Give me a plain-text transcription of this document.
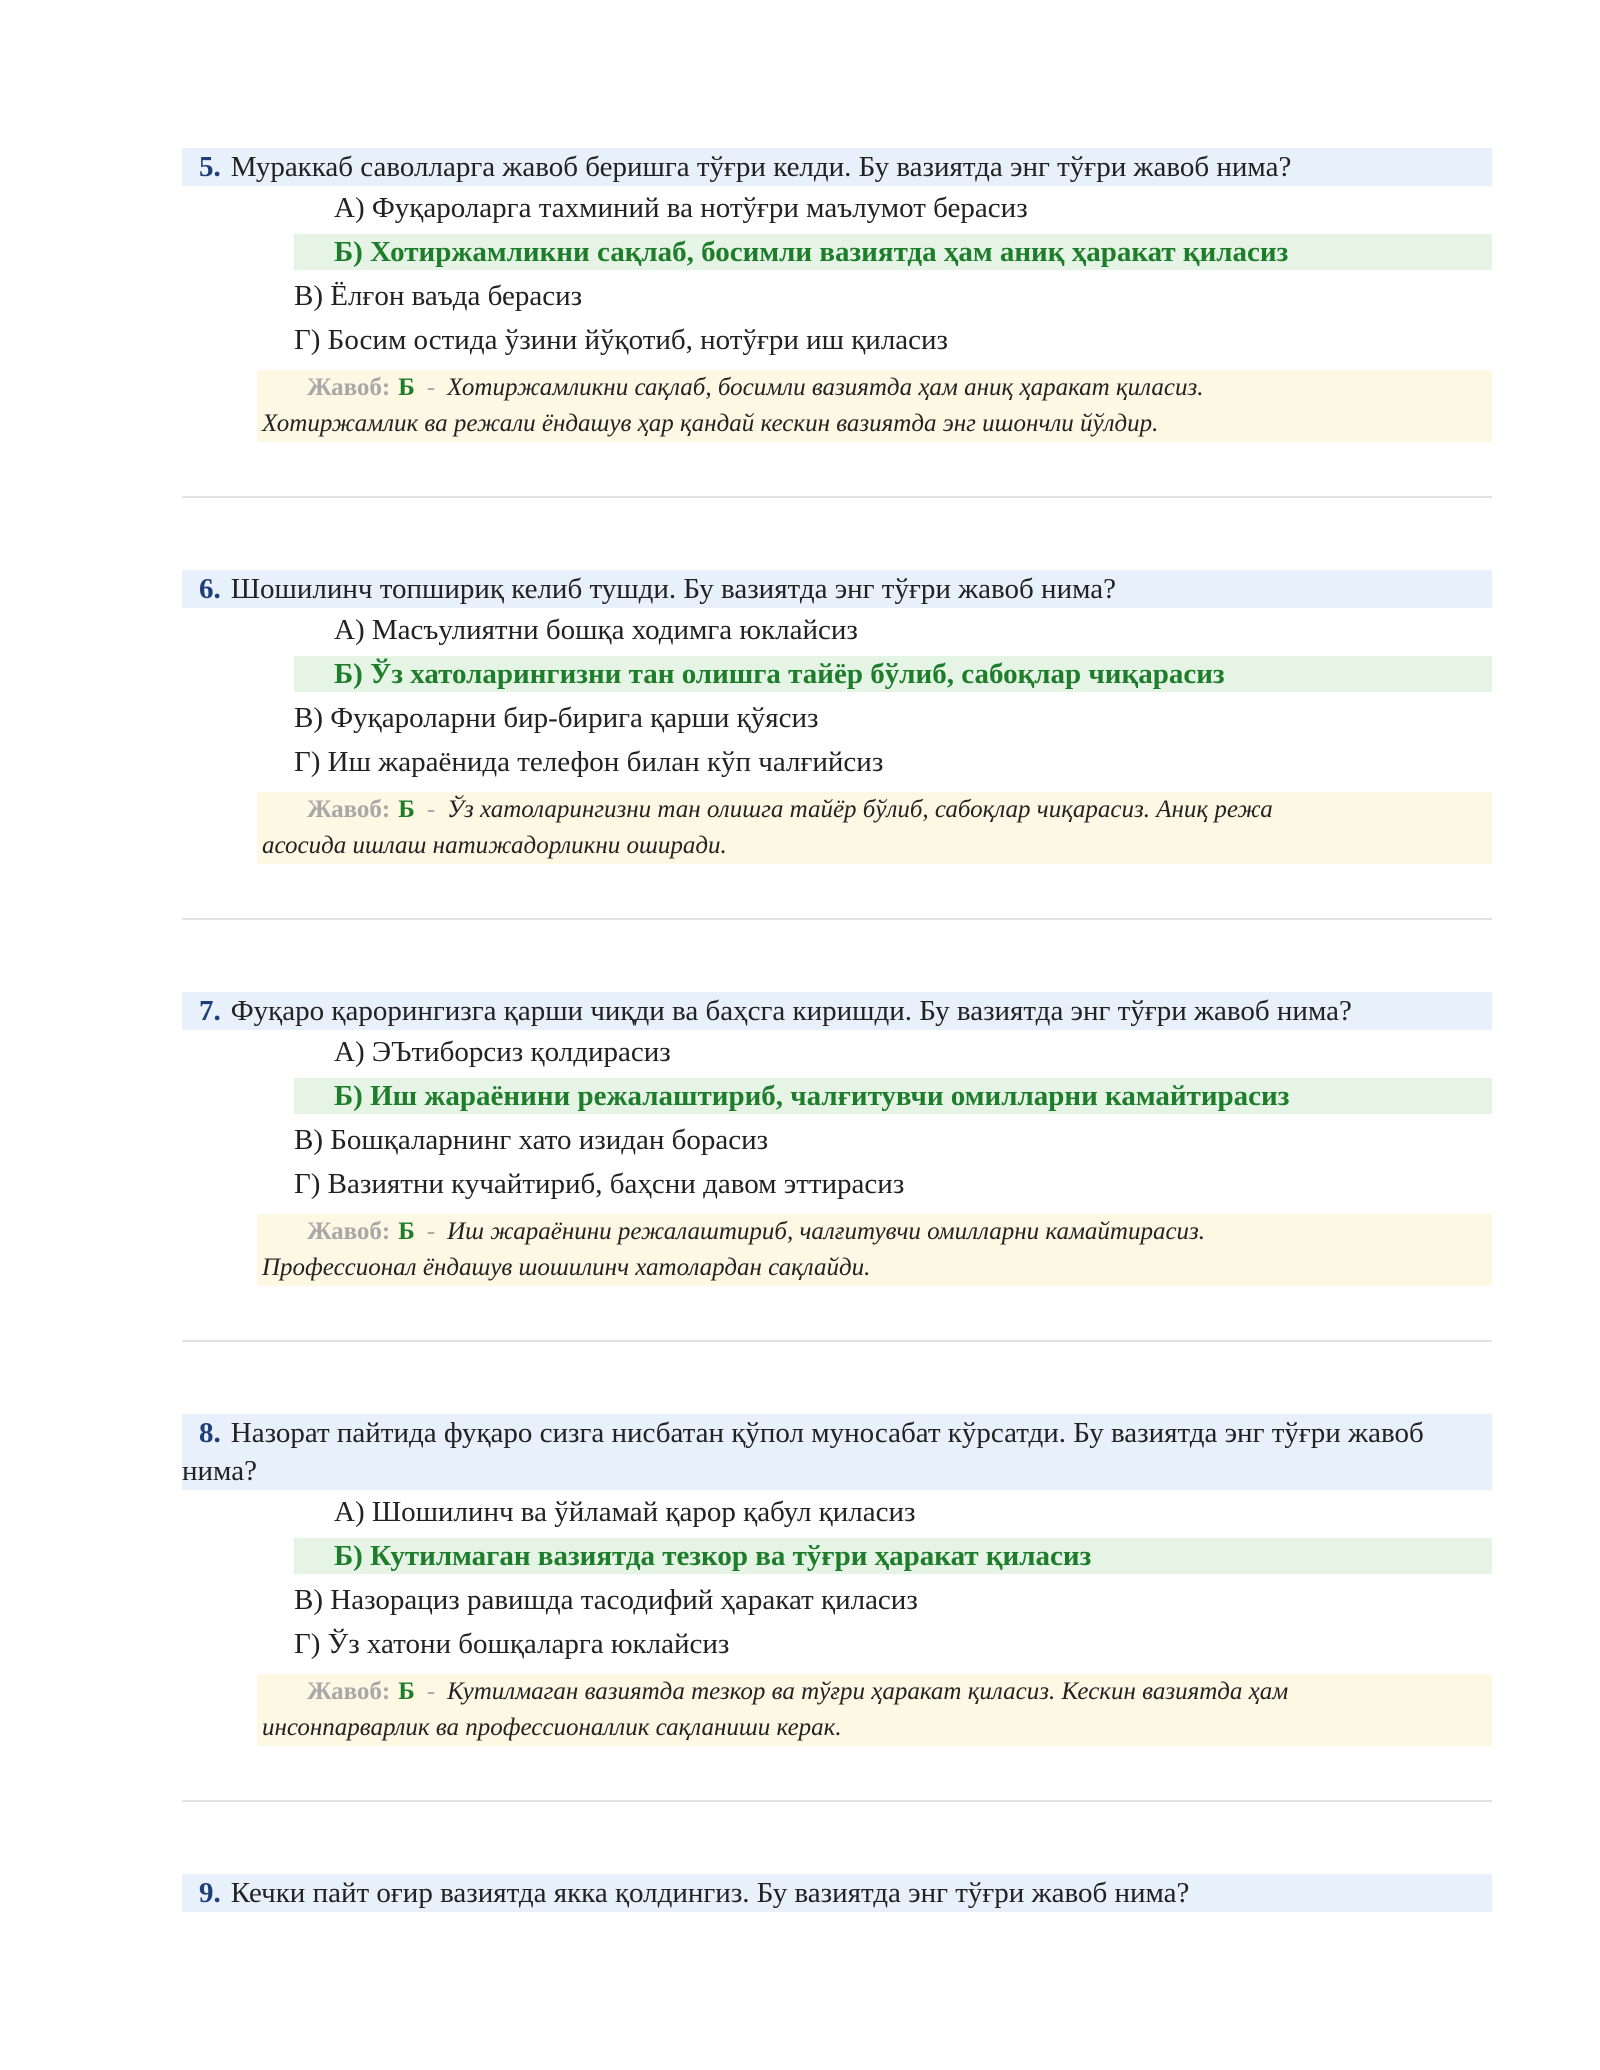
5. Мураккаб саволларга жавоб беришга тўғри келди. Бу вазиятда энг тўғри жавоб нима?
А) Фуқароларга тахминий ва нотўғри маълумот берасиз
Б) Хотиржамликни сақлаб, босимли вазиятда ҳам аниқ ҳаракат қиласиз
В) Ёлғон ваъда берасиз
Г) Босим остида ўзини йўқотиб, нотўғри иш қиласиз
Жавоб: Б - Хотиржамликни сақлаб, босимли вазиятда ҳам аниқ ҳаракат қиласиз.
Хотиржамлик ва режали ёндашув ҳар қандай кескин вазиятда энг ишончли йўлдир.
6. Шошилинч топшириқ келиб тушди. Бу вазиятда энг тўғри жавоб нима?
А) Масъулиятни бошқа ходимга юклайсиз
Б) Ўз хатоларингизни тан олишга тайёр бўлиб, сабоқлар чиқарасиз
В) Фуқароларни бир-бирига қарши қўясиз
Г) Иш жараёнида телефон билан кўп чалғийсиз
Жавоб: Б - Ўз хатоларингизни тан олишга тайёр бўлиб, сабоқлар чиқарасиз. Аниқ режа
асосида ишлаш натижадорликни оширади.
7. Фуқаро қарорингизга қарши чиқди ва баҳсга киришди. Бу вазиятда энг тўғри жавоб нима?
А) ЭЪтиборсиз қолдирасиз
Б) Иш жараёнини режалаштириб, чалғитувчи омилларни камайтирасиз
В) Бошқаларнинг хато изидан борасиз
Г) Вазиятни кучайтириб, баҳсни давом эттирасиз
Жавоб: Б - Иш жараёнини режалаштириб, чалғитувчи омилларни камайтирасиз.
Профессионал ёндашув шошилинч хатолардан сақлайди.
8. Назорат пайтида фуқаро сизга нисбатан қўпол муносабат кўрсатди. Бу вазиятда энг тўғри жавоб нима?
А) Шошилинч ва ўйламай қарор қабул қиласиз
Б) Кутилмаган вазиятда тезкор ва тўғри ҳаракат қиласиз
В) Назорациз равишда тасодифий ҳаракат қиласиз
Г) Ўз хатони бошқаларга юклайсиз
Жавоб: Б - Кутилмаган вазиятда тезкор ва тўғри ҳаракат қиласиз. Кескин вазиятда ҳам
инсонпарварлик ва профессионаллик сақланиши керак.
9. Кечки пайт оғир вазиятда якка қолдингиз. Бу вазиятда энг тўғри жавоб нима?
